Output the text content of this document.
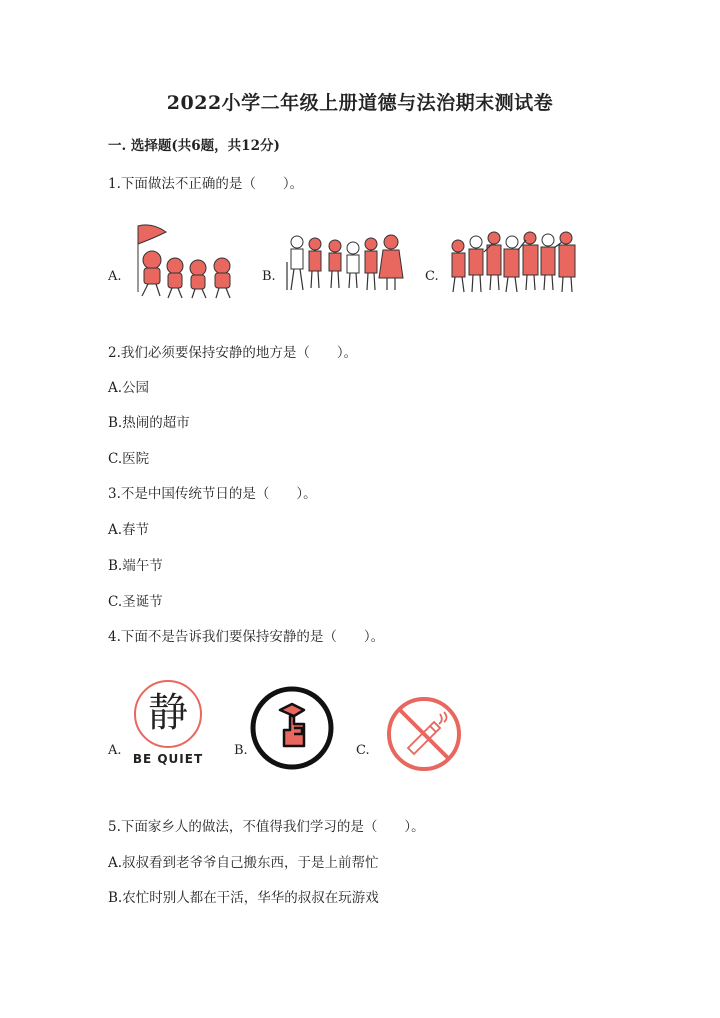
2022小学二年级上册道德与法治期末测试卷
一. 选择题(共6题，共12分)
1.下面做法不正确的是（　　）。
A.	B.	C.
2.我们必须要保持安静的地方是（　　）。
A.公园
B.热闹的超市
C.医院
3.不是中国传统节日的是（　　）。
A.春节
B.端午节
C.圣诞节
4.下面不是告诉我们要保持安静的是（　　）。
A.
静
BE QUIET
B.	C.
5.下面家乡人的做法，不值得我们学习的是（　　）。
A.叔叔看到老爷爷自己搬东西，于是上前帮忙
B.农忙时别人都在干活，华华的叔叔在玩游戏
